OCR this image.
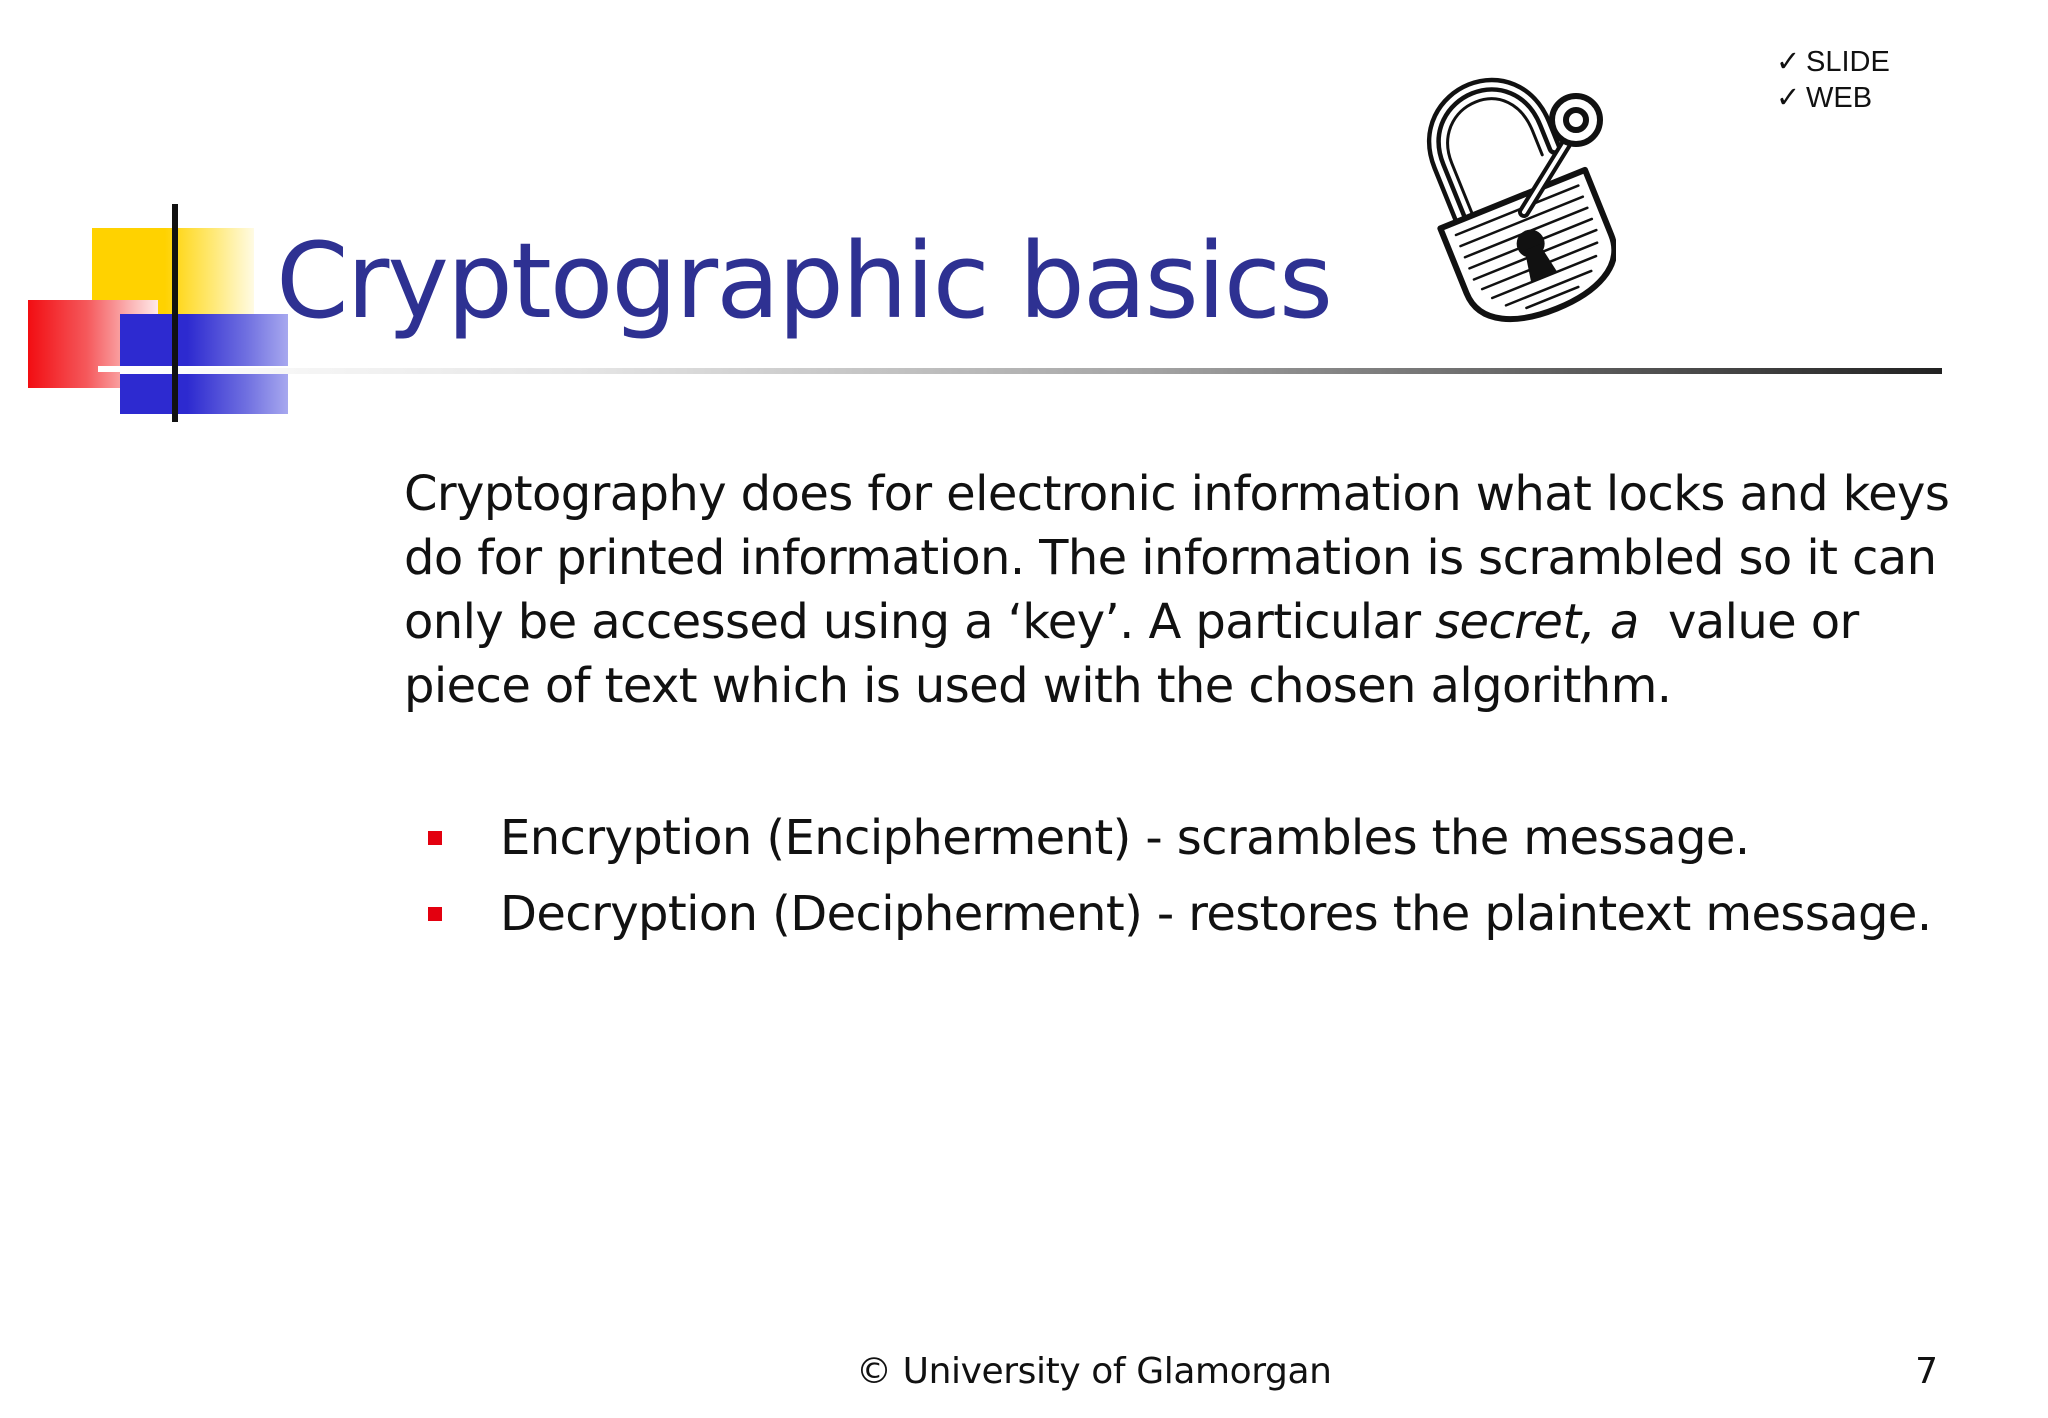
Cryptographic basics
✓ SLIDE
✓ WEB
Cryptography does for electronic information what locks and keys do for printed information. The information is scrambled so it can only be accessed using a ‘key’. A particular secret, a  value or piece of text which is used with the chosen algorithm.
Encryption (Encipherment) - scrambles the message.
Decryption (Decipherment) - restores the plaintext message.
© University of Glamorgan	7
